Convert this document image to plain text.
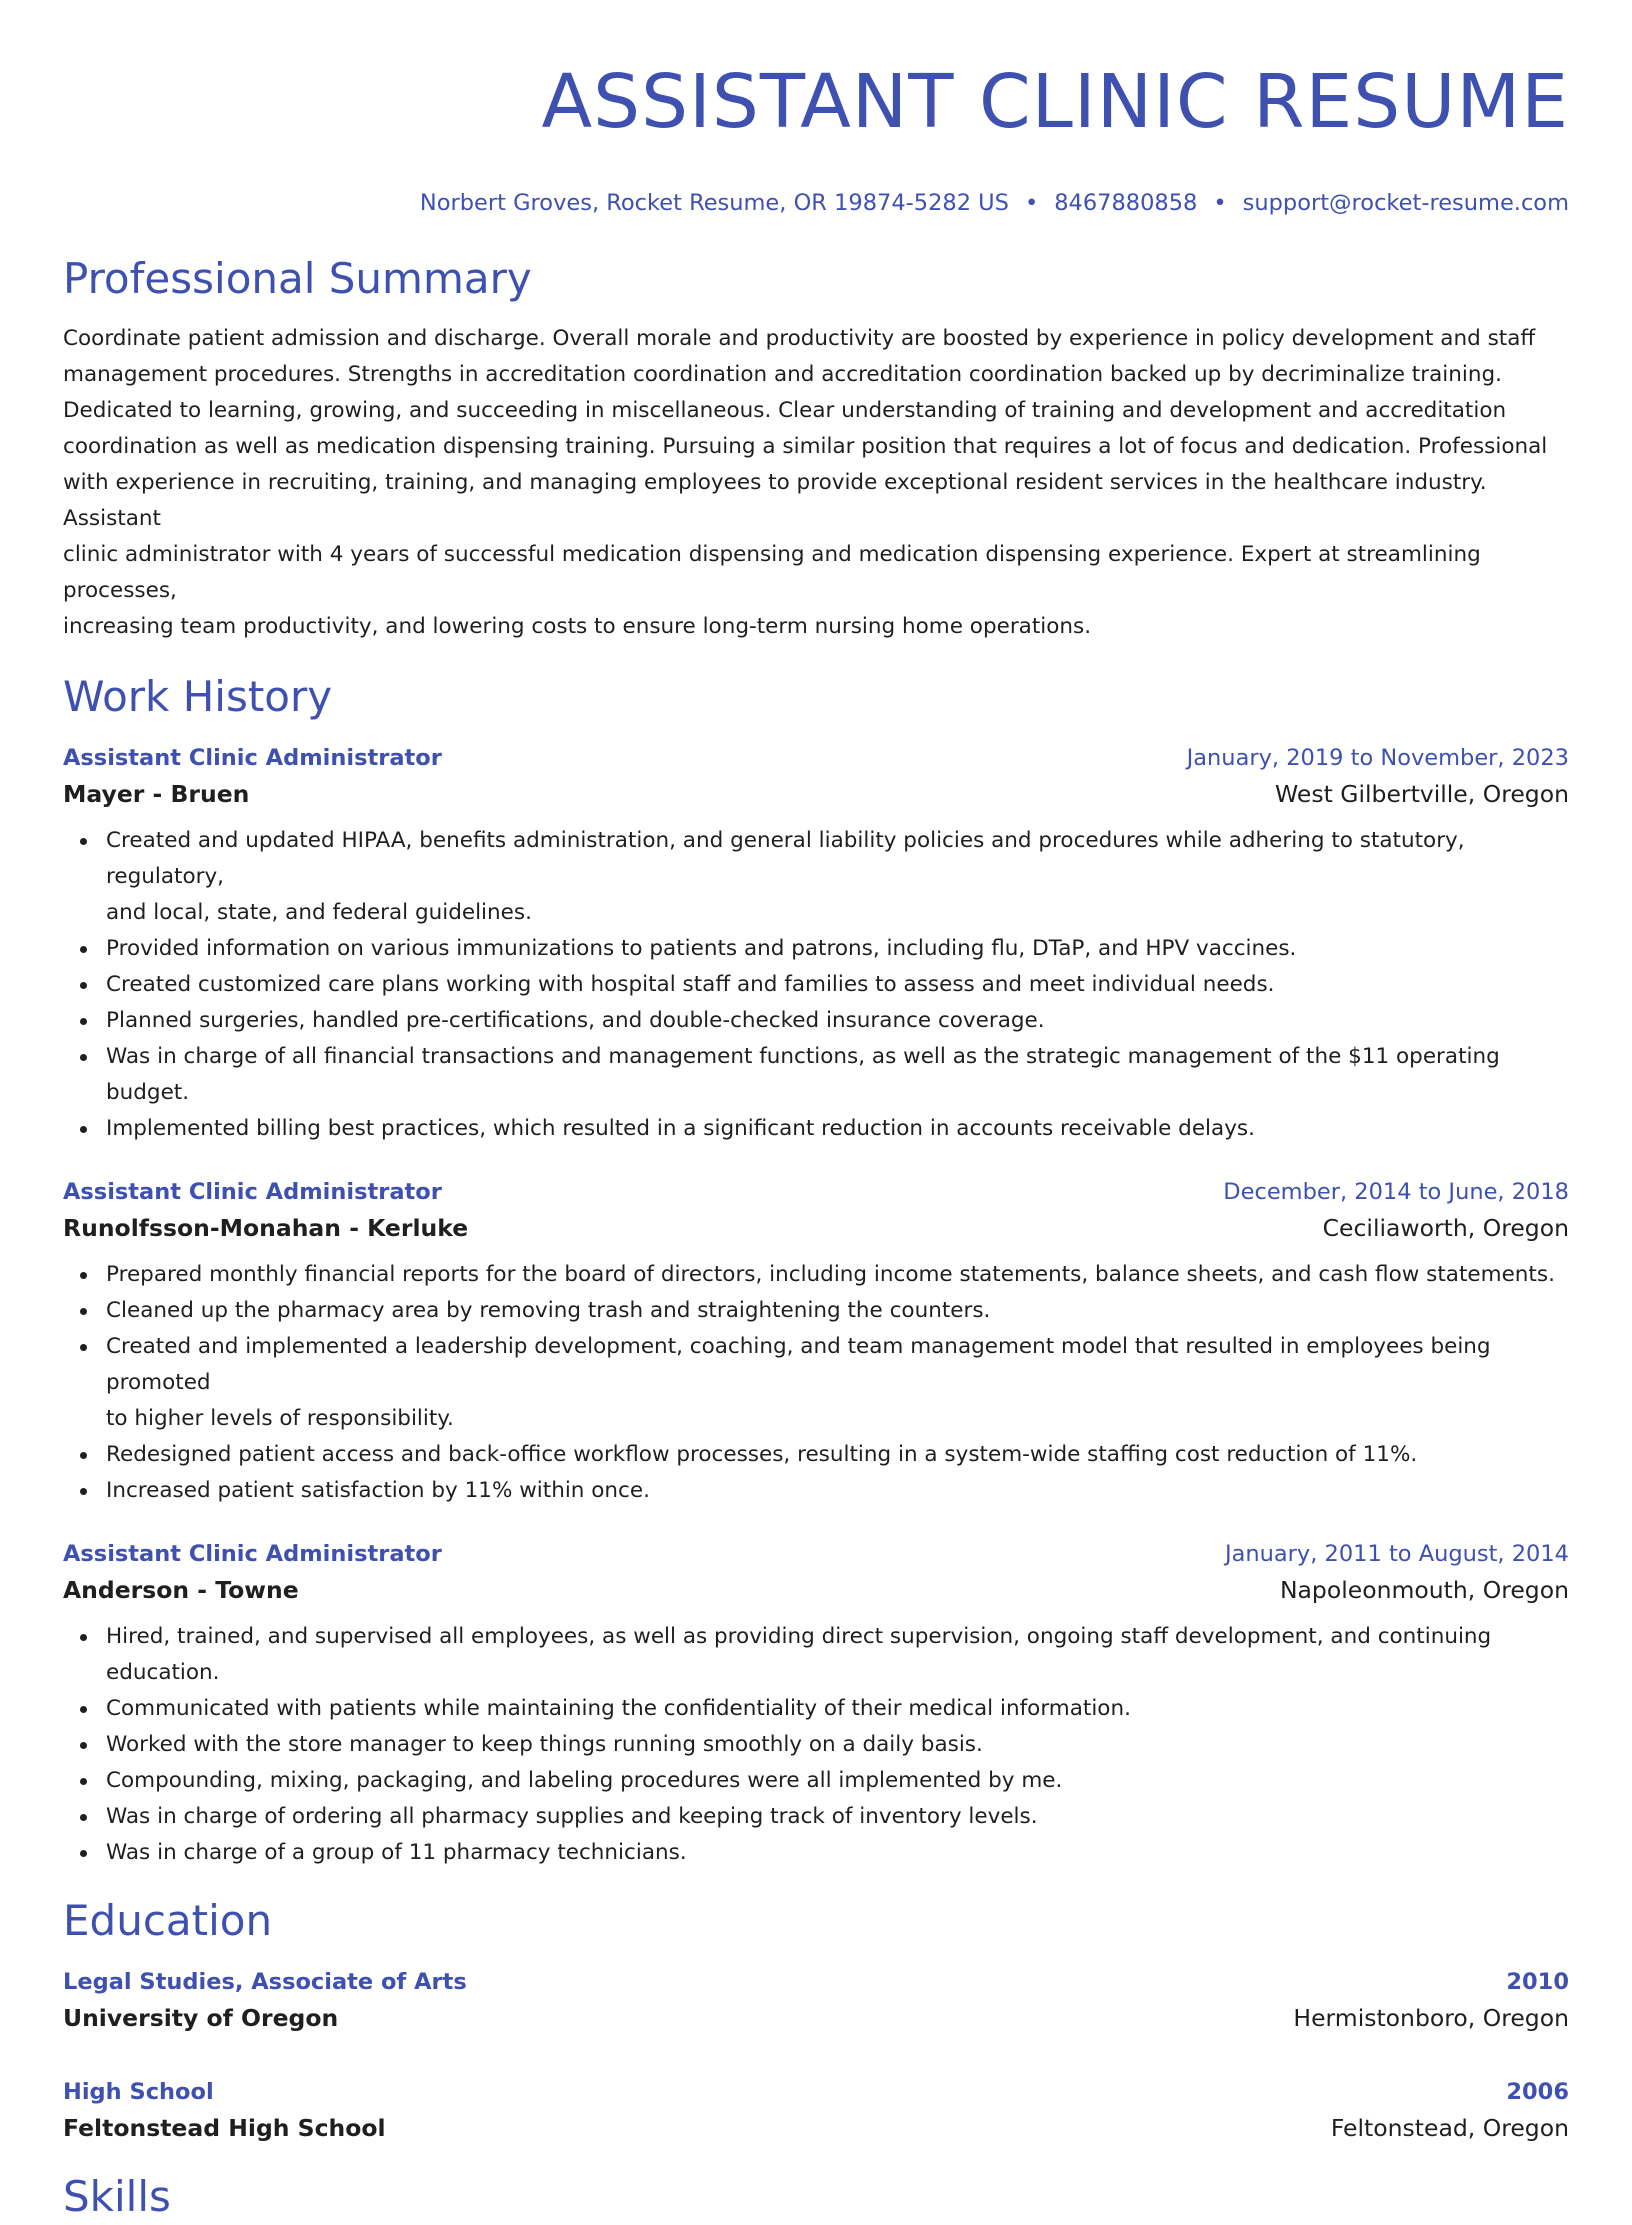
ASSISTANT CLINIC RESUME
Norbert Groves, Rocket Resume, OR 19874-5282 US • 8467880858 • support@rocket-resume.com
Professional Summary

Coordinate patient admission and discharge. Overall morale and productivity are boosted by experience in policy development and staff
management procedures. Strengths in accreditation coordination and accreditation coordination backed up by decriminalize training.
Dedicated to learning, growing, and succeeding in miscellaneous. Clear understanding of training and development and accreditation
coordination as well as medication dispensing training. Pursuing a similar position that requires a lot of focus and dedication. Professional
with experience in recruiting, training, and managing employees to provide exceptional resident services in the healthcare industry. Assistant
clinic administrator with 4 years of successful medication dispensing and medication dispensing experience. Expert at streamlining processes,
increasing team productivity, and lowering costs to ensure long-term nursing home operations.

Work History
Assistant Clinic Administrator	January, 2019 to November, 2023
Mayer - Bruen	West Gilbertville, Oregon
Created and updated HIPAA, benefits administration, and general liability policies and procedures while adhering to statutory, regulatory,
and local, state, and federal guidelines.
Provided information on various immunizations to patients and patrons, including flu, DTaP, and HPV vaccines.
Created customized care plans working with hospital staff and families to assess and meet individual needs.
Planned surgeries, handled pre-certifications, and double-checked insurance coverage.
Was in charge of all financial transactions and management functions, as well as the strategic management of the $11 operating budget.
Implemented billing best practices, which resulted in a significant reduction in accounts receivable delays.
Assistant Clinic Administrator	December, 2014 to June, 2018
Runolfsson-Monahan - Kerluke	Ceciliaworth, Oregon
Prepared monthly financial reports for the board of directors, including income statements, balance sheets, and cash flow statements.
Cleaned up the pharmacy area by removing trash and straightening the counters.
Created and implemented a leadership development, coaching, and team management model that resulted in employees being promoted
to higher levels of responsibility.
Redesigned patient access and back-office workflow processes, resulting in a system-wide staffing cost reduction of 11%.
Increased patient satisfaction by 11% within once.
Assistant Clinic Administrator	January, 2011 to August, 2014
Anderson - Towne	Napoleonmouth, Oregon
Hired, trained, and supervised all employees, as well as providing direct supervision, ongoing staff development, and continuing
education.
Communicated with patients while maintaining the confidentiality of their medical information.
Worked with the store manager to keep things running smoothly on a daily basis.
Compounding, mixing, packaging, and labeling procedures were all implemented by me.
Was in charge of ordering all pharmacy supplies and keeping track of inventory levels.
Was in charge of a group of 11 pharmacy technicians.
Education
Legal Studies, Associate of Arts	2010
University of Oregon	Hermistonboro, Oregon
High School	2006
Feltonstead High School	Feltonstead, Oregon
Skills
